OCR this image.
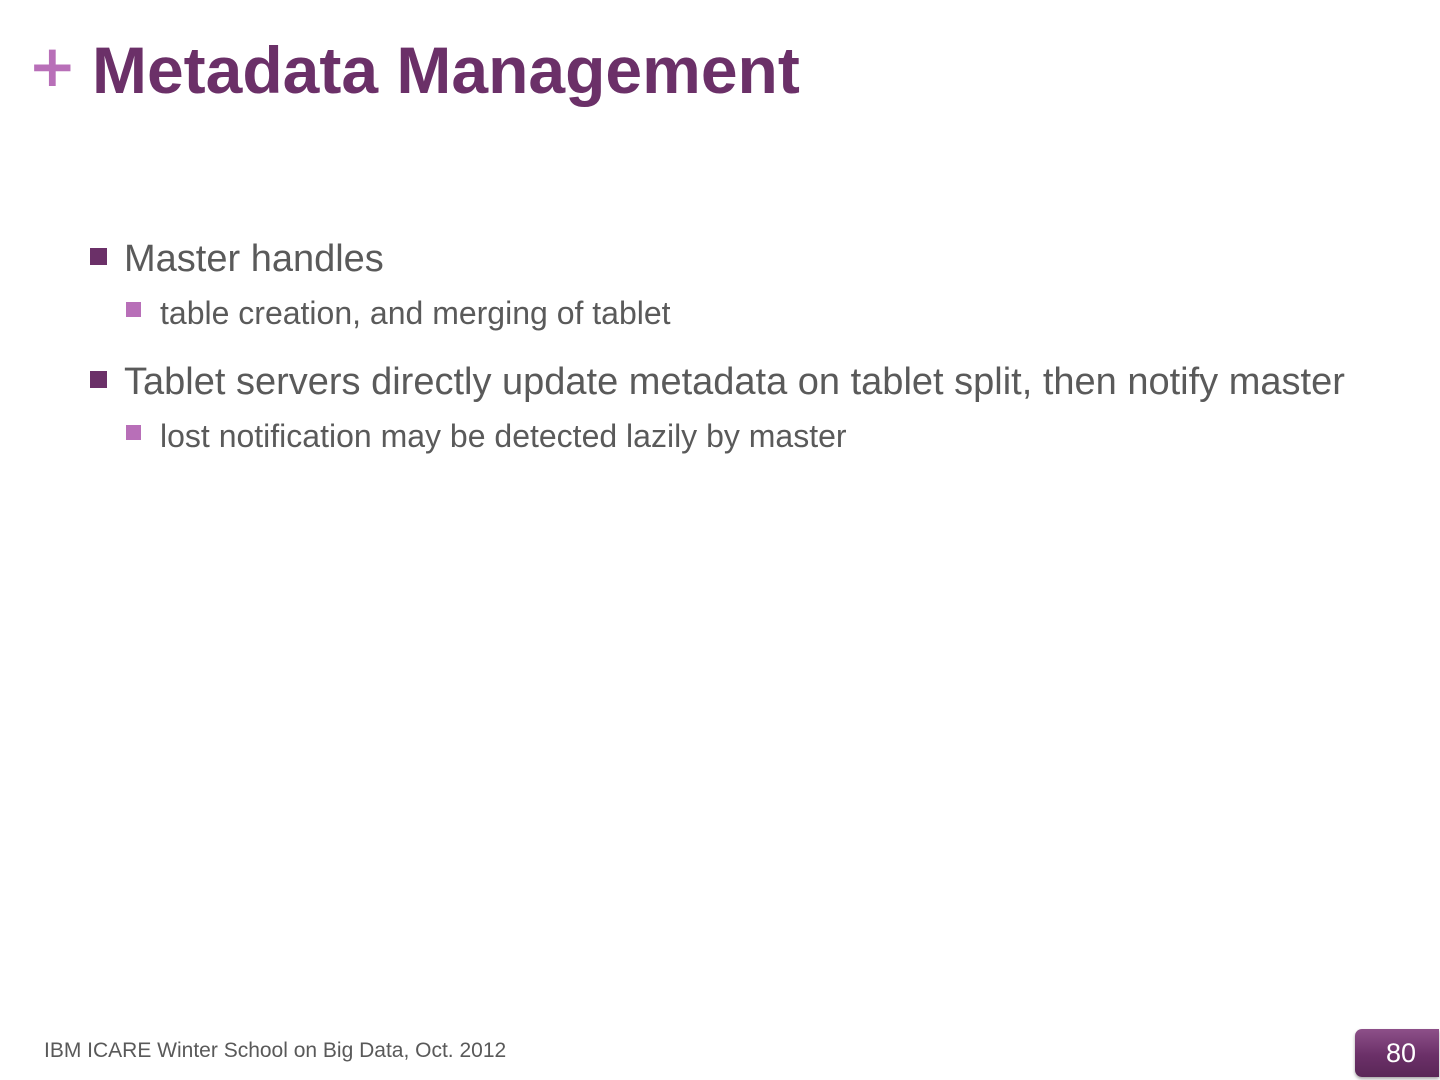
+ Metadata Management
Master handles
table creation, and merging of tablet
Tablet servers directly update metadata on tablet split, then notify master
lost notification may be detected lazily by master
IBM ICARE Winter School on Big Data, Oct. 2012	80
